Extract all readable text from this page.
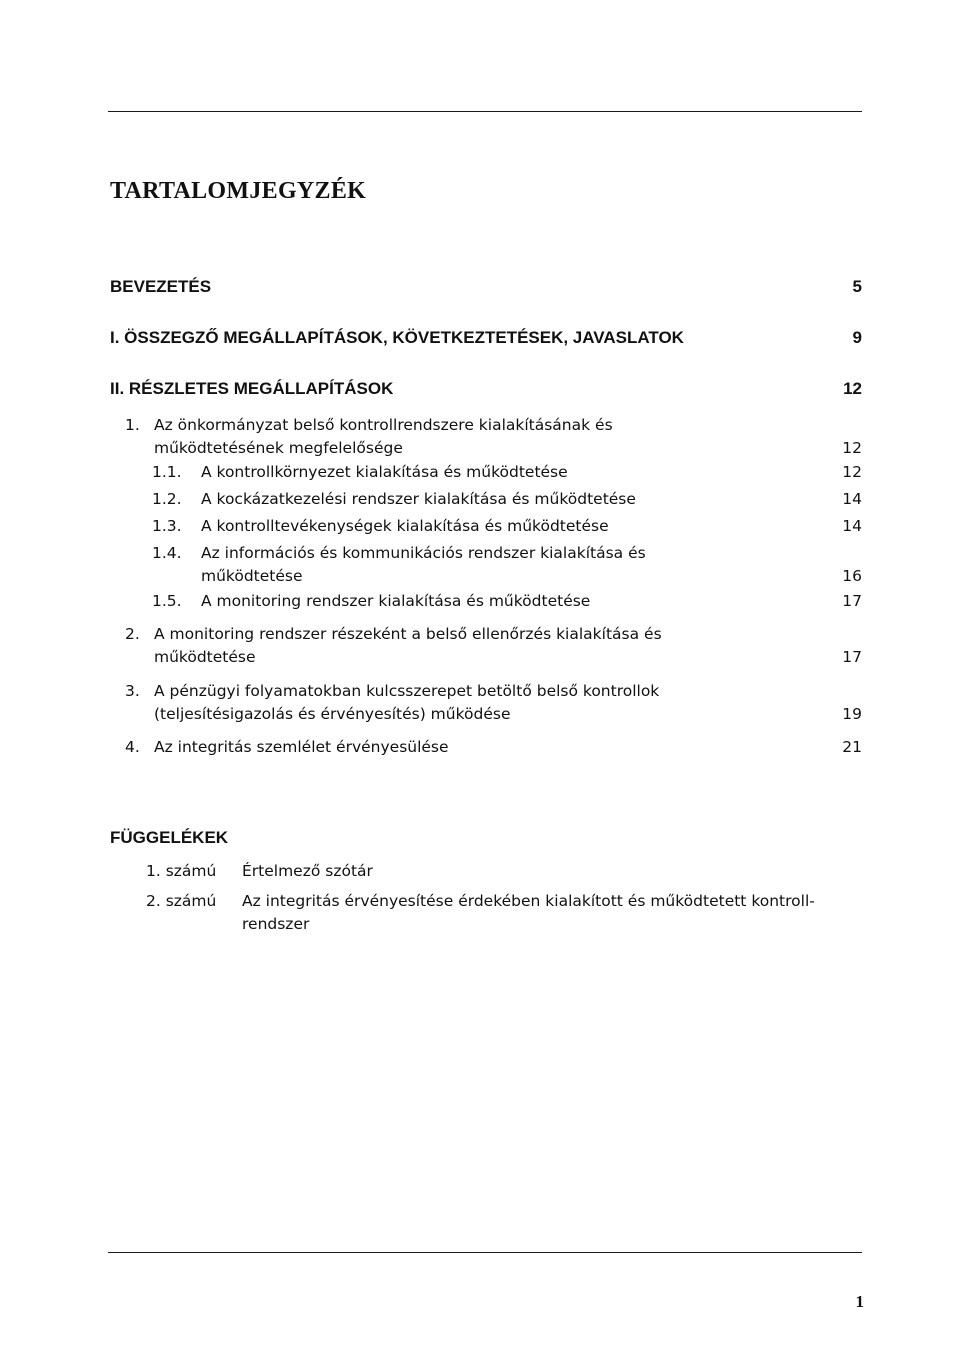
TARTALOMJEGYZÉK
BEVEZETÉS	5
I. ÖSSZEGZŐ MEGÁLLAPÍTÁSOK, KÖVETKEZTETÉSEK, JAVASLATOK	9
II. RÉSZLETES MEGÁLLAPÍTÁSOK	12
1. Az önkormányzat belső kontrollrendszere kialakításának és működtetésének megfelelősége	12
1.1. A kontrollkörnyezet kialakítása és működtetése	12
1.2. A kockázatkezelési rendszer kialakítása és működtetése	14
1.3. A kontrolltevékenységek kialakítása és működtetése	14
1.4. Az információs és kommunikációs rendszer kialakítása és működtetése	16
1.5. A monitoring rendszer kialakítása és működtetése	17
2. A monitoring rendszer részeként a belső ellenőrzés kialakítása és működtetése	17
3. A pénzügyi folyamatokban kulcsszerepet betöltő belső kontrollok (teljesítésigazolás és érvényesítés) működése	19
4. Az integritás szemlélet érvényesülése	21
FÜGGELÉKEK
1. számú Értelmező szótár
2. számú Az integritás érvényesítése érdekében kialakított és működtetett kontroll-rendszer
1
